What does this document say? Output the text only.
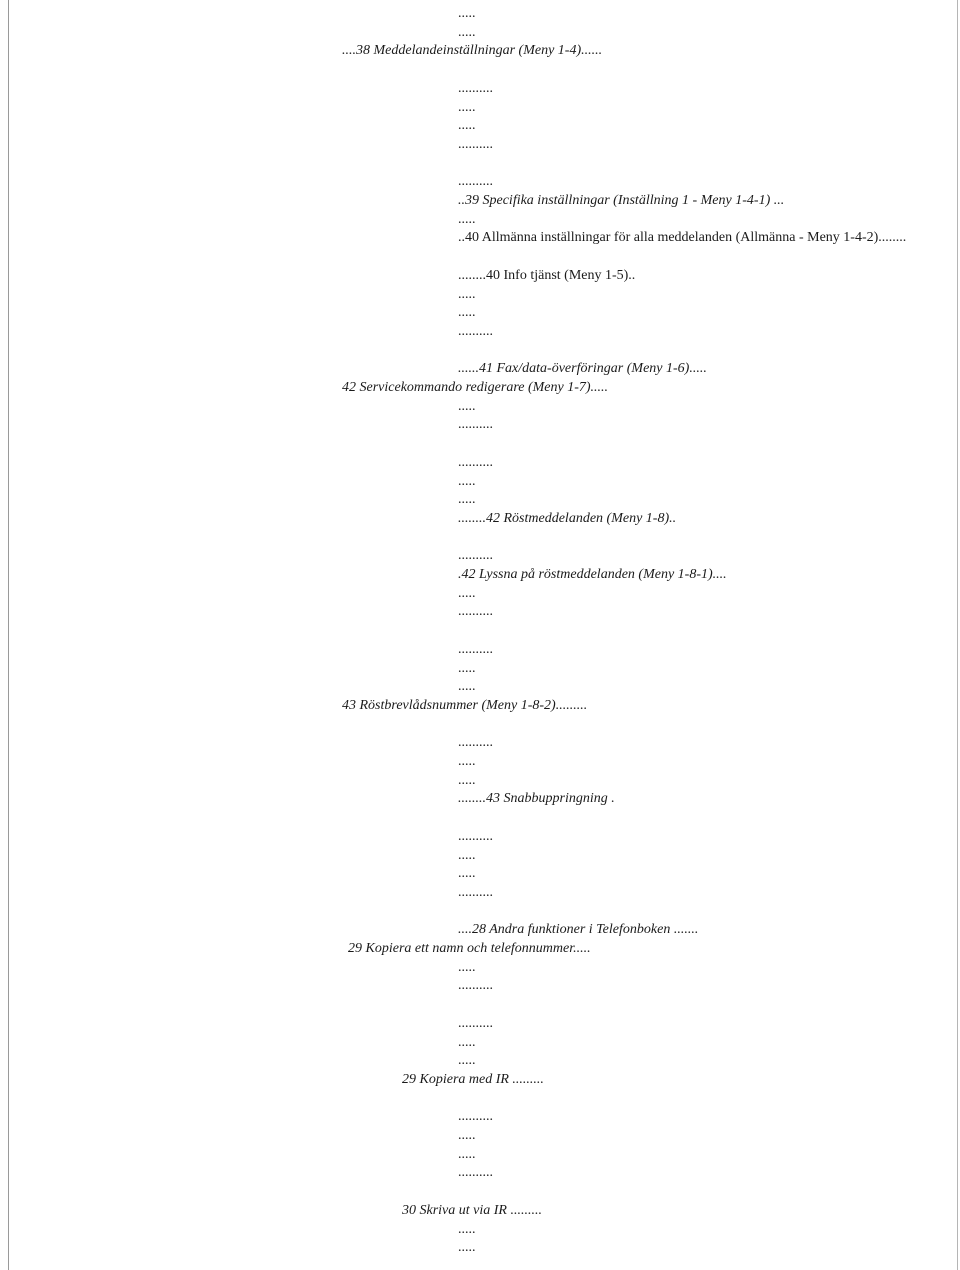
.....
.....
....38 Meddelandeinställningar (Meny 1-4)......
..........
.....
.....
..........
..........
..39 Specifika inställningar (Inställning 1 - Meny 1-4-1) ...
.....
..40 Allmänna inställningar för alla meddelanden (Allmänna - Meny 1-4-2)........
........40 Info tjänst (Meny 1-5)..
.....
.....
..........
......41 Fax/data-överföringar (Meny 1-6).....
42 Servicekommando redigerare (Meny 1-7).....
.....
..........
..........
.....
.....
........42 Röstmeddelanden (Meny 1-8)..
..........
.42 Lyssna på röstmeddelanden (Meny 1-8-1)....
.....
..........
..........
.....
.....
43 Röstbrevlådsnummer (Meny 1-8-2).........
..........
.....
.....
........43 Snabbuppringning .
..........
.....
.....
..........
....28 Andra funktioner i Telefonboken .......
29 Kopiera ett namn och telefonnummer.....
.....
..........
..........
.....
.....
29 Kopiera med IR .........
..........
.....
.....
..........
30 Skriva ut via IR .........
.....
.....
